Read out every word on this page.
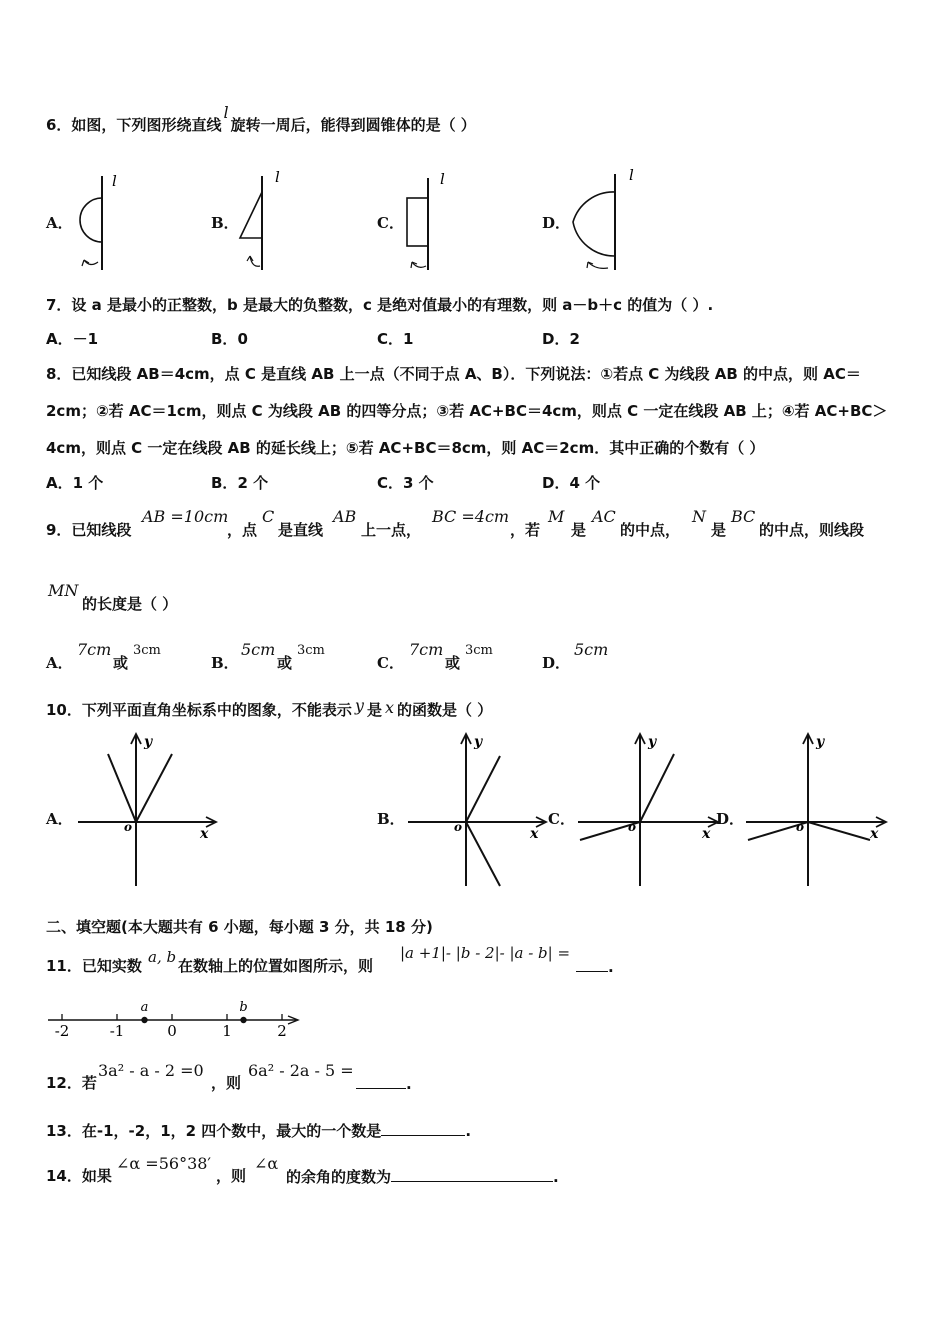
6．如图，下列图形绕直线l旋转一周后，能得到圆锥体的是（ ）
A．
l
B．
l
C．
l
D．
l
7．设 a 是最小的正整数，b 是最大的负整数，c 是绝对值最小的有理数，则 a－b＋c 的值为（ ）.
A．－1	B．0	C．1	D．2
8．已知线段 AB＝4cm，点 C 是直线 AB 上一点（不同于点 A、B）．下列说法：①若点 C 为线段 AB 的中点，则 AC＝
2cm；②若 AC＝1cm，则点 C 为线段 AB 的四等分点；③若 AC+BC＝4cm，则点 C 一定在线段 AB 上；④若 AC+BC＞
4cm，则点 C 一定在线段 AB 的延长线上；⑤若 AC+BC＝8cm，则 AC＝2cm．其中正确的个数有（ ）
A．1 个	B．2 个	C．3 个	D．4 个
9．已知线段
AB =10cm
，点
C
是直线
AB
上一点，
BC =4cm
，若
M
是
AC
的中点，
N
是
BC
的中点，则线段
MN
的长度是（ ）
A．
7cm
或
3cm
B．
5cm
或
3cm
C．
7cm
或
3cm
D．
5cm
10．下列平面直角坐标系中的图象，不能表示 y 是 x 的函数是（ ）
A．
y
x
o	B．
y
x
o	C．
y
x
o	D．
y
x
o
二、填空题(本大题共有 6 小题，每小题 3 分，共 18 分)
11．已知实数 a, b 在数轴上的位置如图所示，则
|a +1|- |b - 2|- |a - b| =
.
-2	-1	0	1	2
a	b
12．若
3a² - a - 2 =0
，则
6a² - 2a - 5 =
.
13．在-1，-2，1，2 四个数中，最大的一个数是	.
14．如果
∠α =56°38′
，则
∠α
的余角的度数为	.
